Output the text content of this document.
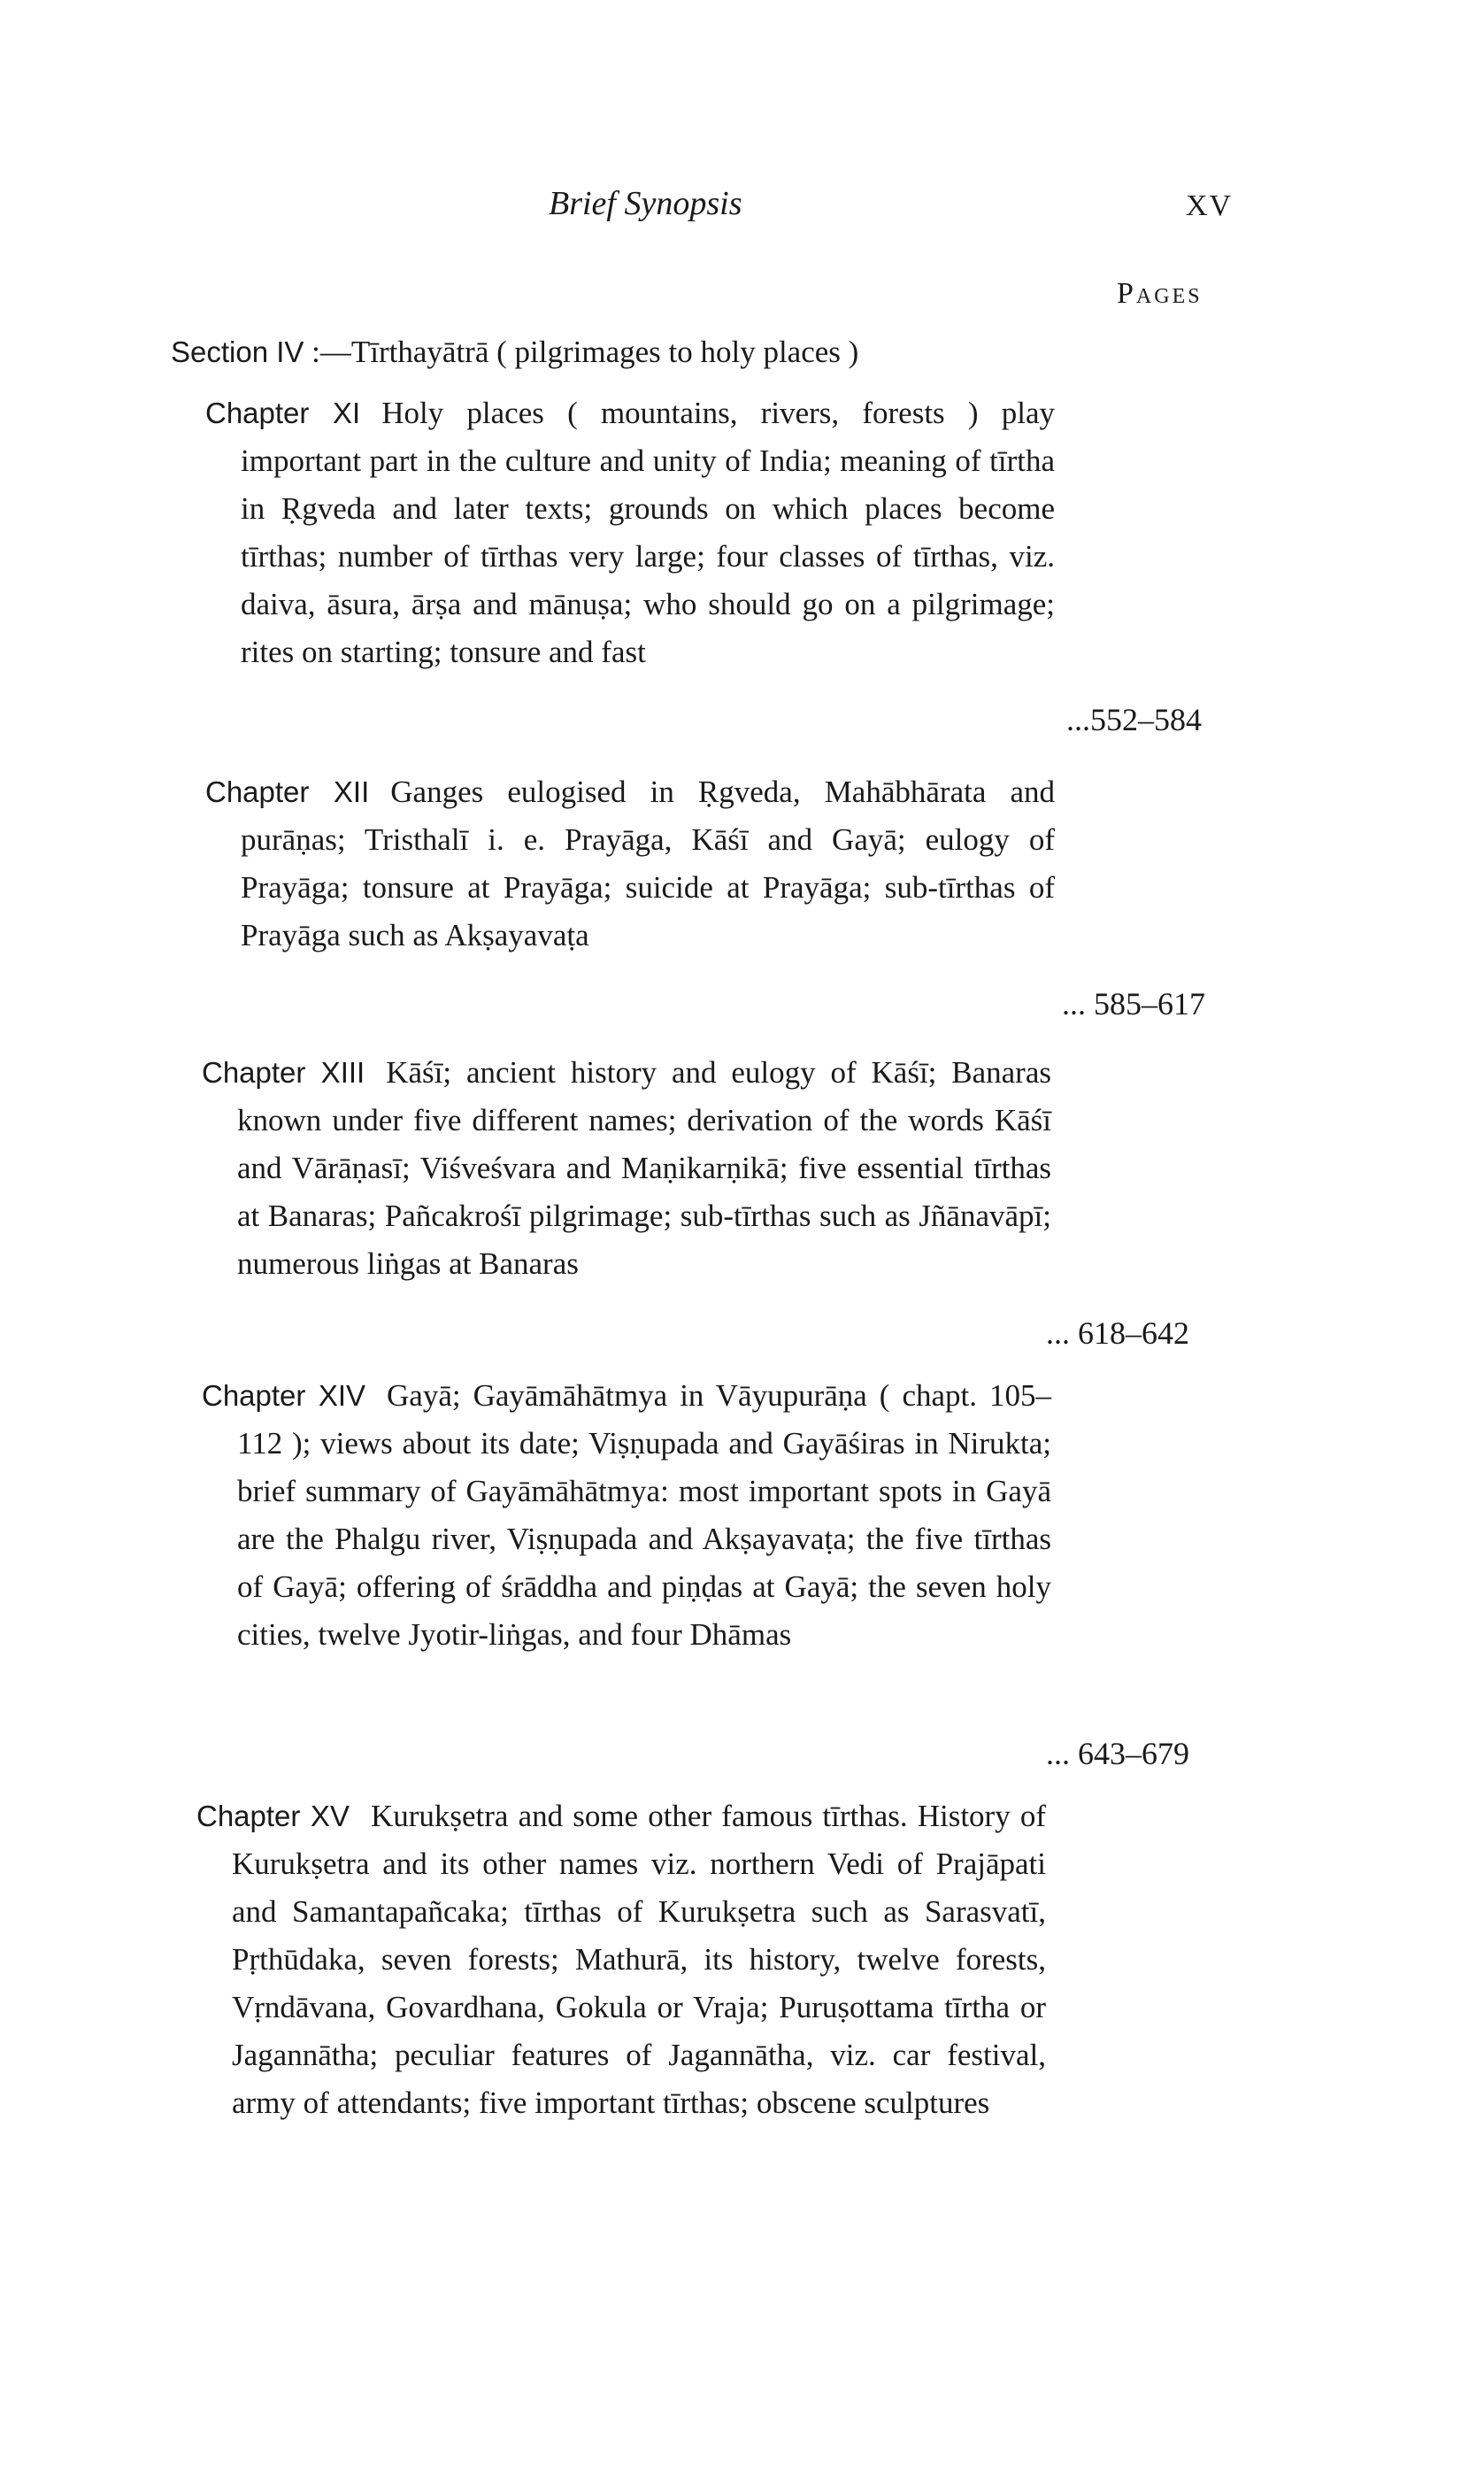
Brief Synopsis	XV
Pages
Section IV :—Tīrthayātrā ( pilgrimages to holy places )
Chapter XI Holy places ( mountains, rivers, forests ) play important part in the culture and unity of India; meaning of tīrtha in Ṛgveda and later texts; grounds on which places become tīrthas; number of tīrthas very large; four classes of tīrthas, viz. daiva, āsura, ārṣa and mānuṣa; who should go on a pilgrimage; rites on starting; tonsure and fast
...552–584
Chapter XII Ganges eulogised in Ṛgveda, Mahābhārata and purāṇas; Tristhalī i. e. Prayāga, Kāśī and Gayā; eulogy of Prayāga; tonsure at Prayāga; suicide at Prayāga; sub-tīrthas of Prayāga such as Akṣayavaṭa
... 585–617
Chapter XIII Kāśī; ancient history and eulogy of Kāśī; Banaras known under five different names; derivation of the words Kāśī and Vārāṇasī; Viśveśvara and Maṇikarṇikā; five essential tīrthas at Banaras; Pañcakrośī pilgrimage; sub-tīrthas such as Jñānavāpī; numerous liṅgas at Banaras
... 618–642
Chapter XIV Gayā; Gayāmāhātmya in Vāyupurāṇa ( chapt. 105–112 ); views about its date; Viṣṇupada and Gayāśiras in Nirukta; brief summary of Gayāmāhātmya: most important spots in Gayā are the Phalgu river, Viṣṇupada and Akṣayavaṭa; the five tīrthas of Gayā; offering of śrāddha and piṇḍas at Gayā; the seven holy cities, twelve Jyotir-liṅgas, and four Dhāmas
... 643–679
Chapter XV Kurukṣetra and some other famous tīrthas. History of Kurukṣetra and its other names viz. northern Vedi of Prajāpati and Samantapañcaka; tīrthas of Kurukṣetra such as Sarasvatī, Pṛthūdaka, seven forests; Mathurā, its history, twelve forests, Vṛndāvana, Govardhana, Gokula or Vraja; Puruṣottama tīrtha or Jagannātha; peculiar features of Jagannātha, viz. car festival, army of attendants; five important tīrthas; obscene sculptures
